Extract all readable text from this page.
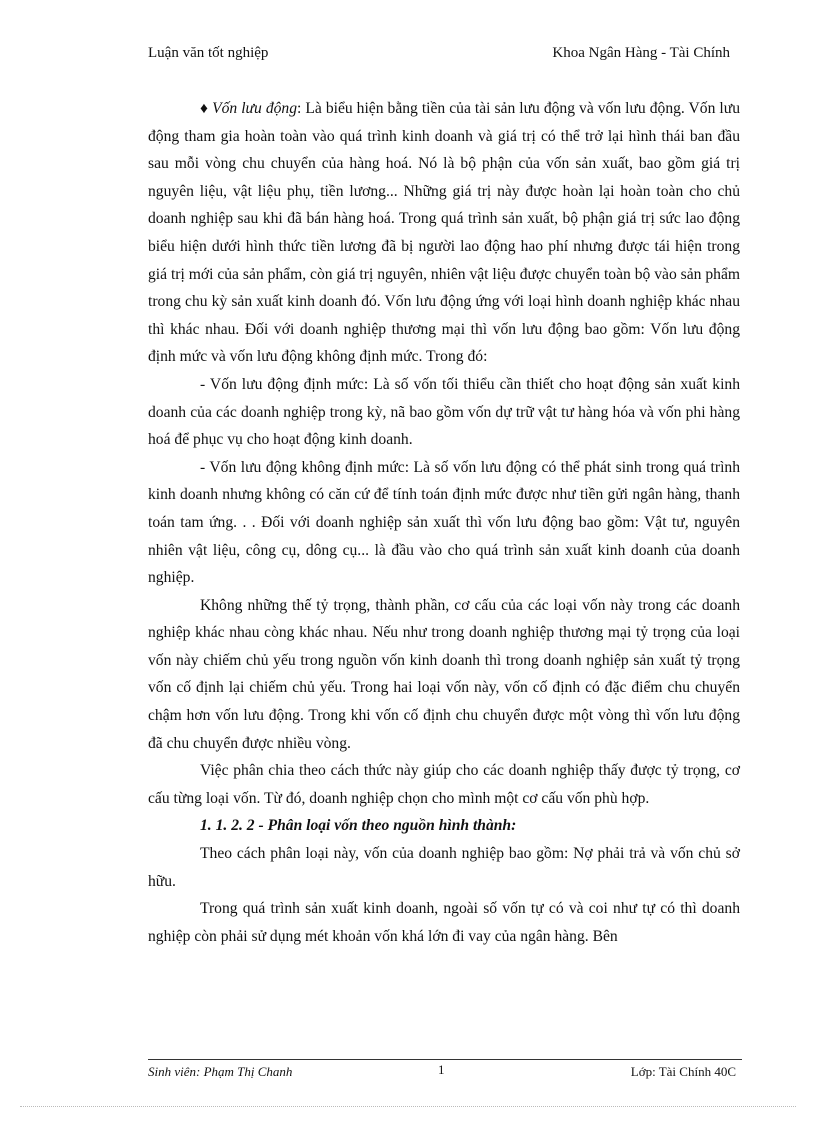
Luận văn tốt nghiệp	Khoa Ngân Hàng - Tài Chính

♦ Vốn lưu động: Là biểu hiện bằng tiền của tài sản lưu động và vốn lưu động. Vốn lưu động tham gia hoàn toàn vào quá trình kinh doanh và giá trị có thể trở lại hình thái ban đầu sau mỗi vòng chu chuyển của hàng hoá. Nó là bộ phận của vốn sản xuất, bao gồm giá trị nguyên liệu, vật liệu phụ, tiền lương... Những giá trị này được hoàn lại hoàn toàn cho chủ doanh nghiệp sau khi đã bán hàng hoá. Trong quá trình sản xuất, bộ phận giá trị sức lao động biểu hiện dưới hình thức tiền lương đã bị người lao động hao phí nhưng được tái hiện trong giá trị mới của sản phẩm, còn giá trị nguyên, nhiên vật liệu được chuyển toàn bộ vào sản phẩm trong chu kỳ sản xuất kinh doanh đó. Vốn lưu động ứng với loại hình doanh nghiệp khác nhau thì khác nhau. Đối với doanh nghiệp thương mại thì vốn lưu động bao gồm: Vốn lưu động định mức và vốn lưu động không định mức. Trong đó:

- Vốn lưu động định mức: Là số vốn tối thiểu cần thiết cho hoạt động sản xuất kinh doanh của các doanh nghiệp trong kỳ, nã bao gồm vốn dự trữ vật tư hàng hóa và vốn phi hàng hoá để phục vụ cho hoạt động kinh doanh.

- Vốn lưu động không định mức: Là số vốn lưu động có thể phát sinh trong quá trình kinh doanh nhưng không có căn cứ để tính toán định mức được như tiền gửi ngân hàng, thanh toán tam ứng. . . Đối với doanh nghiệp sản xuất thì vốn lưu động bao gồm: Vật tư, nguyên nhiên vật liệu, công cụ, dông cụ... là đầu vào cho quá trình sản xuất kinh doanh của doanh nghiệp.

Không những thế tỷ trọng, thành phần, cơ cấu của các loại vốn này trong các doanh nghiệp khác nhau còng khác nhau. Nếu như trong doanh nghiệp thương mại tỷ trọng của loại vốn này chiếm chủ yếu trong nguồn vốn kinh doanh thì trong doanh nghiệp sản xuất tỷ trọng vốn cố định lại chiếm chủ yếu. Trong hai loại vốn này, vốn cố định có đặc điểm chu chuyển chậm hơn vốn lưu động. Trong khi vốn cố định chu chuyển được một vòng thì vốn lưu động đã chu chuyển được nhiều vòng.

Việc phân chia theo cách thức này giúp cho các doanh nghiệp thấy được tỷ trọng, cơ cấu từng loại vốn. Từ đó, doanh nghiệp chọn cho mình một cơ cấu vốn phù hợp.

1. 1. 2. 2 - Phân loại vốn theo nguồn hình thành:

Theo cách phân loại này, vốn của doanh nghiệp bao gồm: Nợ phải trả và vốn chủ sở hữu.

Trong quá trình sản xuất kinh doanh, ngoài số vốn tự có và coi như tự có thì doanh nghiệp còn phải sử dụng mét khoản vốn khá lớn đi vay của ngân hàng. Bên

Sinh viên: Phạm Thị Chanh	1	Lớp: Tài Chính 40C
